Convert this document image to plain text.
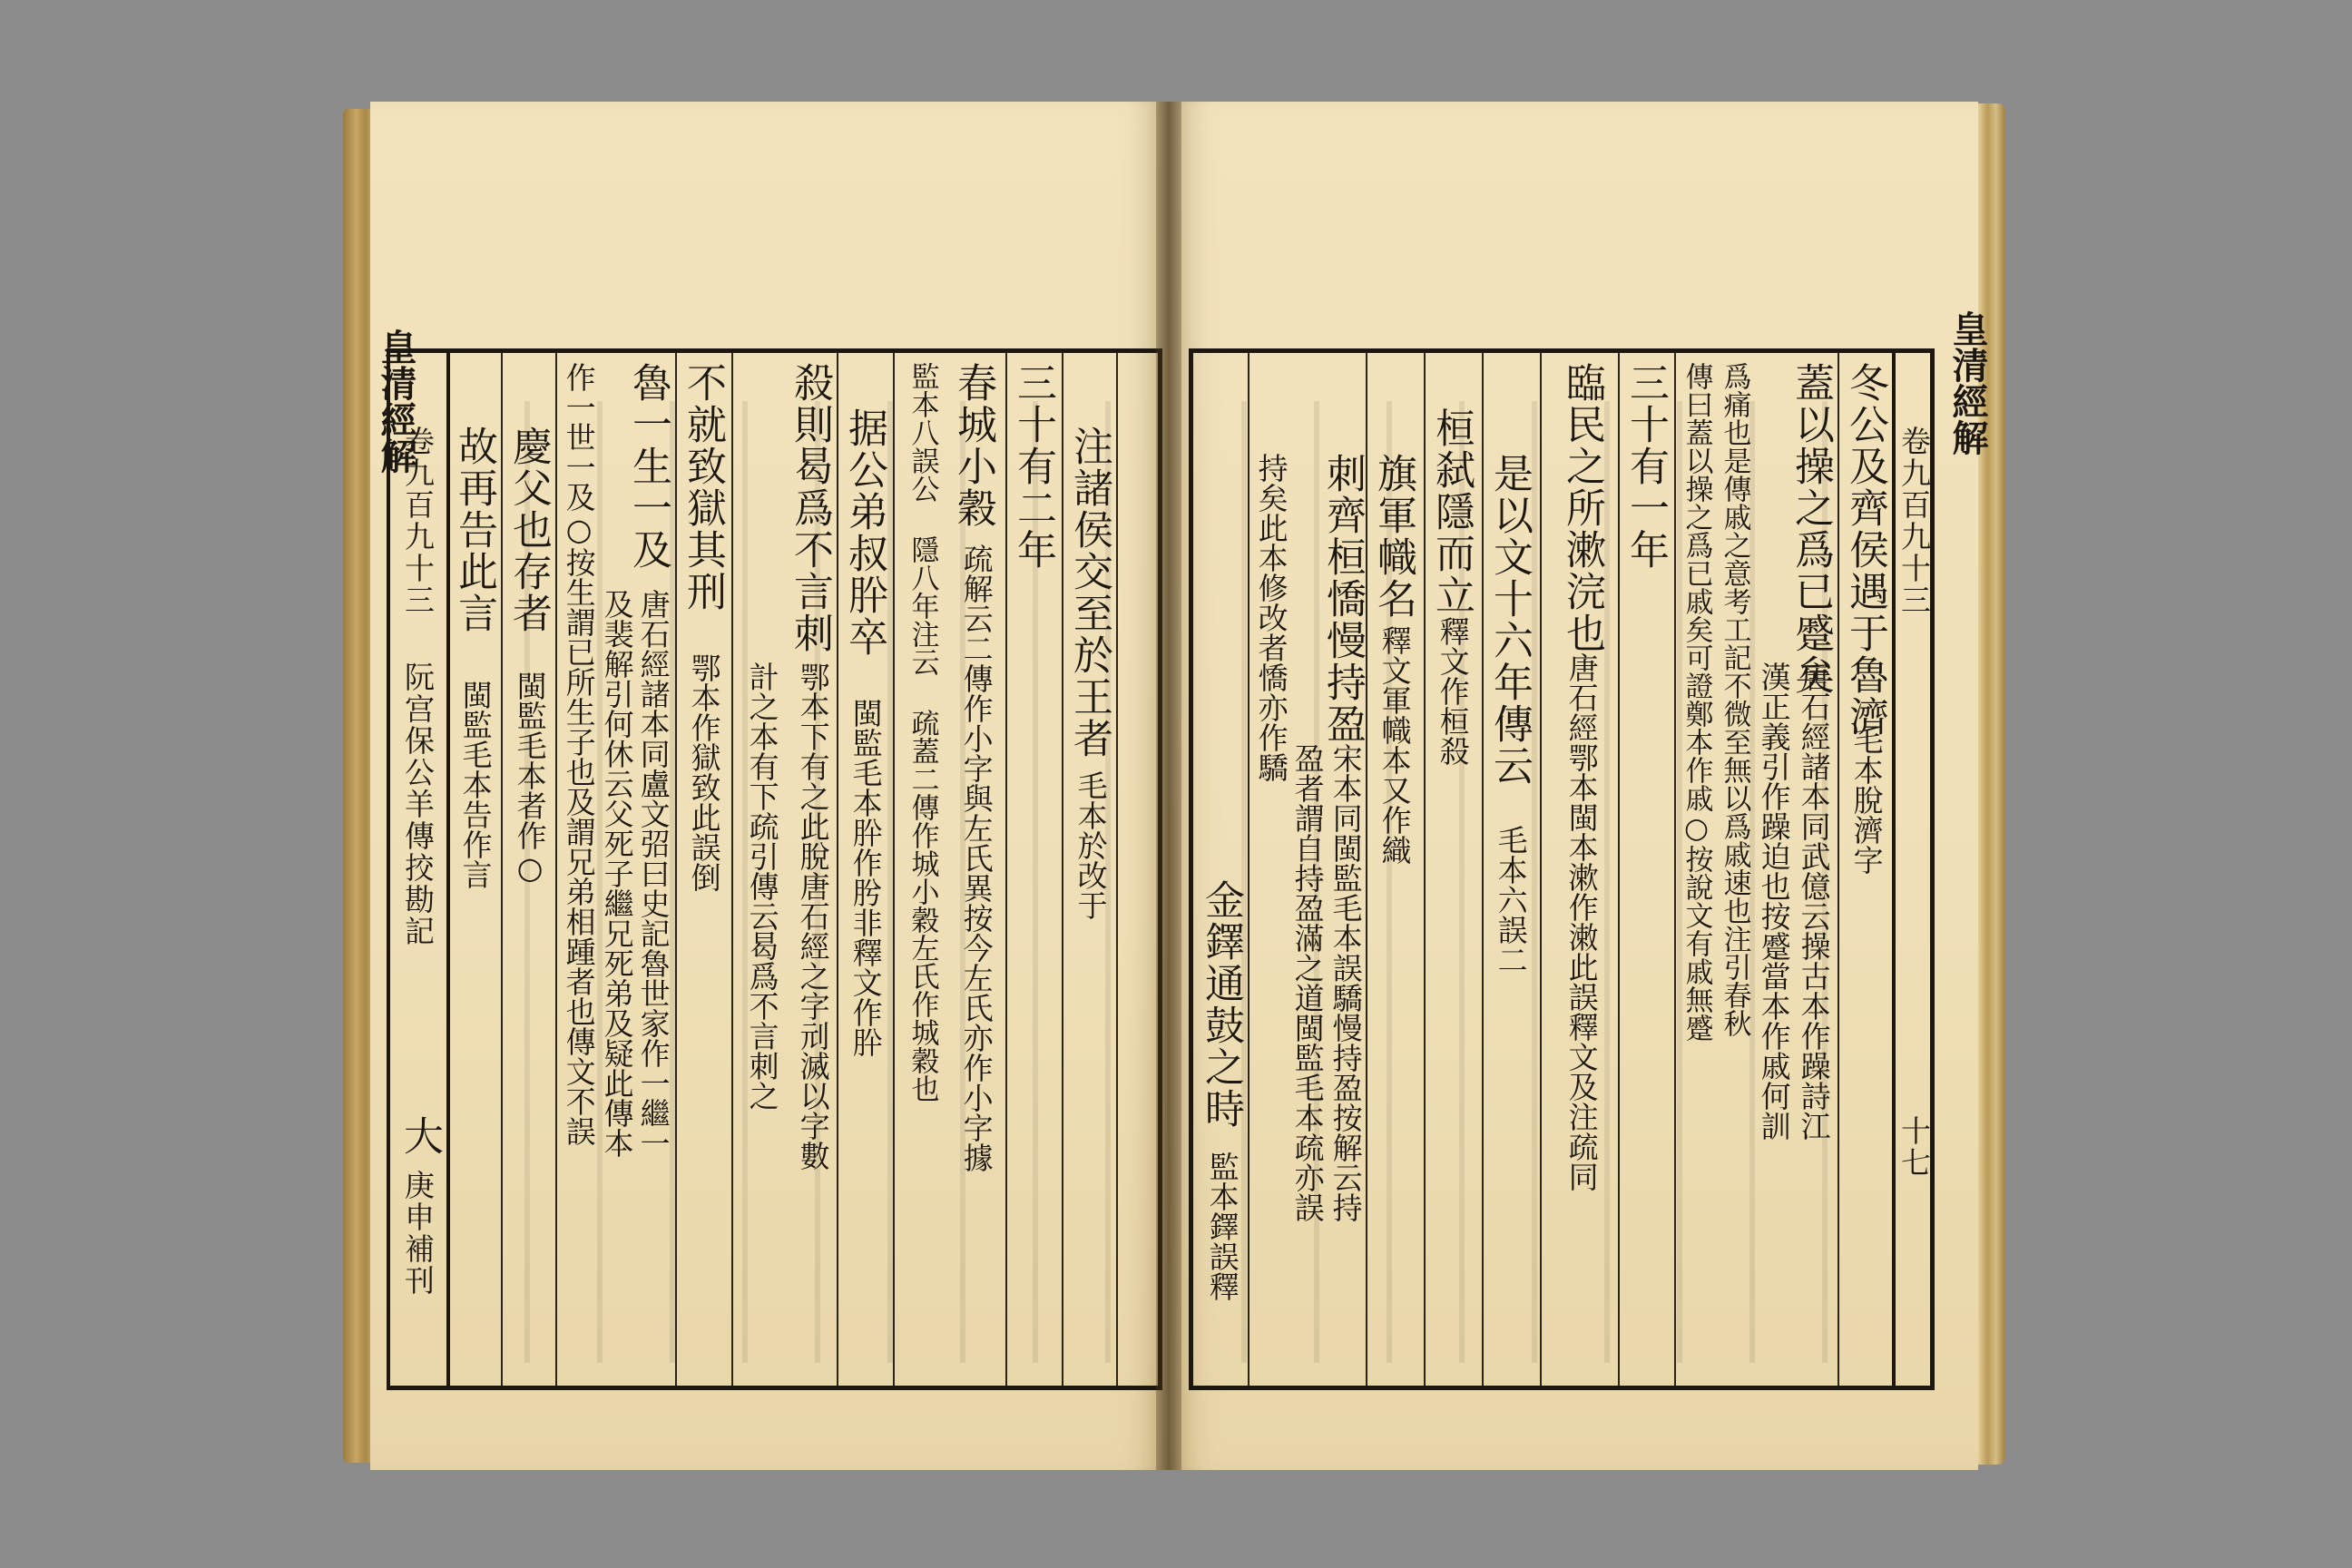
皇清經解
卷九百九十三
阮宫保公羊傳挍勘記
大
庚申補刊
故再告此言
閩監毛本告作言
慶父也存者
閩監毛本者作○
魯一生一及
唐石經諸本同盧文弨曰史記魯世家作一繼一
及裴解引何休云父死子繼兄死弟及疑此傳本
作一世一及○按生謂已所生子也及謂兄弟相踵者也傳文不誤 不就致獄其刑
鄂本作獄致此誤倒
殺則曷爲不言刺
鄂本下有之此脫唐石經之字刓滅以字數
計之本有下疏引傳云曷爲不言刺之
据公弟叔肸卒
閩監毛本肸作肹非釋文作肸
春城小穀
疏解云二傳作小字與左氏異按今左氏亦作小字據
監本八誤公 隱八年注云 疏蓋二傳作城小穀左氏作城穀也 三十有二年 注諸侯交至於王者
毛本於改于
皇清經解
金鐸通鼓之時
監本鐸誤釋
刺齊桓憍慢持盈
宋本同閩監毛本誤驕慢持盈按解云持
盈者謂自持盈滿之道閩監毛本疏亦誤
持矣此本修改者憍亦作驕 旗軍幟名
釋文軍幟本又作織
桓弑隱而立
釋文作桓殺 是以文十六年傳云
毛本六誤二
臨民之所漱浣也
唐石經鄂本閩本漱作潄此誤釋文及注疏同
三十有一年	蓋以操之爲已蹙矣
唐石經諸本同武億云操古本作躁詩江
漢正義引作躁迫也按蹙當本作戚何訓
爲痛也是傳戚之意考工記不微至無以爲戚速也注引春秋
傳曰蓋以操之爲已戚矣可證鄭本作戚○按說文有戚無蹙	冬公及齊侯遇于魯濟
毛本脫濟字
卷九百九十三
十七
